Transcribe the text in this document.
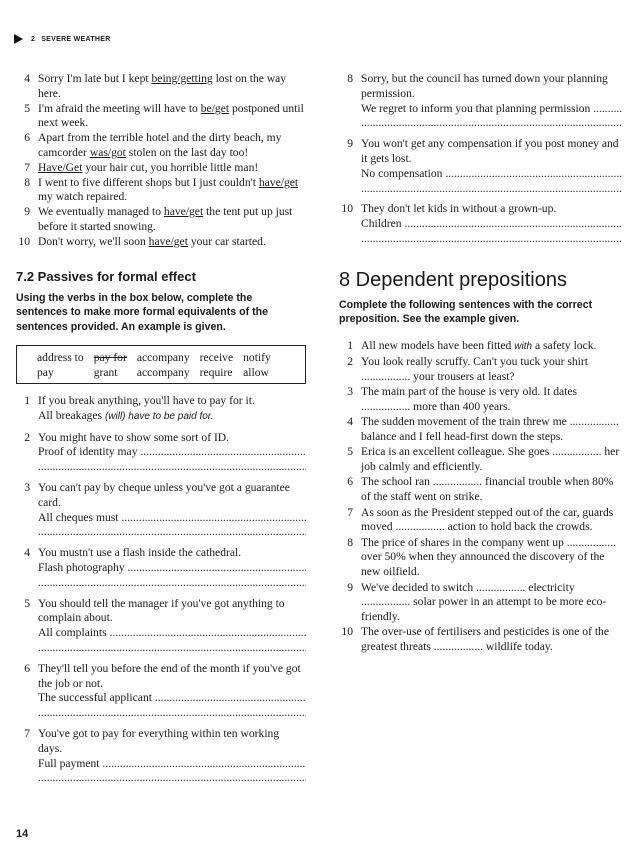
2 SEVERE WEATHER
4 Sorry I'm late but I kept being/getting lost on the way here.
5 I'm afraid the meeting will have to be/get postponed until next week.
6 Apart from the terrible hotel and the dirty beach, my camcorder was/got stolen on the last day too!
7 Have/Get your hair cut, you horrible little man!
8 I went to five different shops but I just couldn't have/get my watch repaired.
9 We eventually managed to have/get the tent put up just before it started snowing.
10 Don't worry, we'll soon have/get your car started.
7.2 Passives for formal effect
Using the verbs in the box below, complete the sentences to make more formal equivalents of the sentences provided. An example is given.
address to	pay for	accompany	receive	notify
pay	grant	accompany	require	allow
1 If you break anything, you'll have to pay for it.
All breakages (will) have to be paid for.
2 You might have to show some sort of ID.
Proof of identity may .....
.....
3 You can't pay by cheque unless you've got a guarantee card.
All cheques must .....
.....
4 You mustn't use a flash inside the cathedral.
Flash photography .....
.....
5 You should tell the manager if you've got anything to complain about.
All complaints .....
.....
6 They'll tell you before the end of the month if you've got the job or not.
The successful applicant .....
.....
7 You've got to pay for everything within ten working days.
Full payment .....
.....
8 Sorry, but the council has turned down your planning permission.
We regret to inform you that planning permission .....
.....
9 You won't get any compensation if you post money and it gets lost.
No compensation .....
.....
10 They don't let kids in without a grown-up.
Children .....
.....
8 Dependent prepositions
Complete the following sentences with the correct preposition. See the example given.
1 All new models have been fitted with a safety lock.
2 You look really scruffy. Can't you tuck your shirt ................. your trousers at least?
3 The main part of the house is very old. It dates ................. more than 400 years.
4 The sudden movement of the train threw me ................. balance and I fell head-first down the steps.
5 Erica is an excellent colleague. She goes ................. her job calmly and efficiently.
6 The school ran ................. financial trouble when 80% of the staff went on strike.
7 As soon as the President stepped out of the car, guards moved ................. action to hold back the crowds.
8 The price of shares in the company went up ................. over 50% when they announced the discovery of the new oilfield.
9 We've decided to switch ................. electricity ................. solar power in an attempt to be more eco-friendly.
10 The over-use of fertilisers and pesticides is one of the greatest threats ................. wildlife today.
14
